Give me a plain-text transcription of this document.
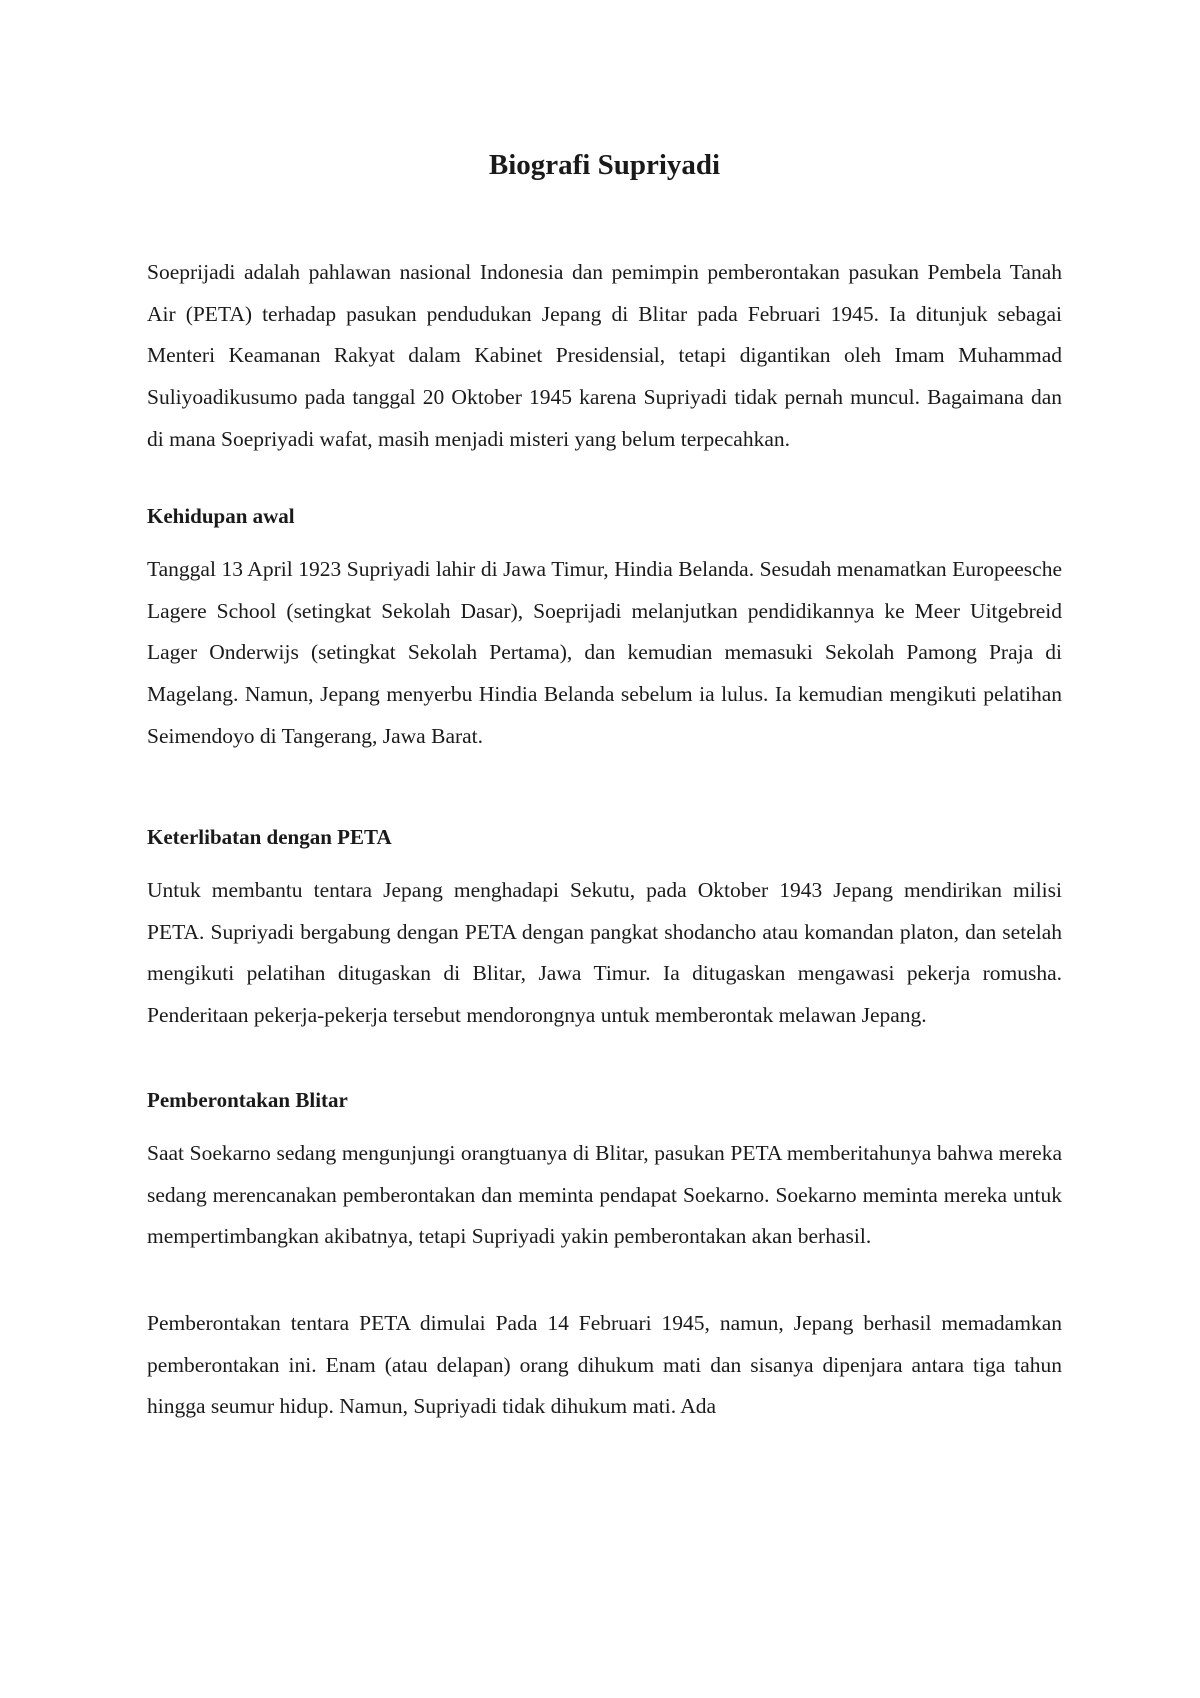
Biografi Supriyadi

Soeprijadi adalah pahlawan nasional Indonesia dan pemimpin pemberontakan pasukan Pembela Tanah Air (PETA) terhadap pasukan pendudukan Jepang di Blitar pada Februari 1945. Ia ditunjuk sebagai Menteri Keamanan Rakyat dalam Kabinet Presidensial, tetapi digantikan oleh Imam Muhammad Suliyoadikusumo pada tanggal 20 Oktober 1945 karena Supriyadi tidak pernah muncul. Bagaimana dan di mana Soepriyadi wafat, masih menjadi misteri yang belum terpecahkan.

Kehidupan awal

Tanggal 13 April 1923 Supriyadi lahir di Jawa Timur, Hindia Belanda. Sesudah menamatkan Europeesche Lagere School (setingkat Sekolah Dasar), Soeprijadi melanjutkan pendidikannya ke Meer Uitgebreid Lager Onderwijs (setingkat Sekolah Pertama), dan kemudian memasuki Sekolah Pamong Praja di Magelang. Namun, Jepang menyerbu Hindia Belanda sebelum ia lulus. Ia kemudian mengikuti pelatihan Seimendoyo di Tangerang, Jawa Barat.

Keterlibatan dengan PETA

Untuk membantu tentara Jepang menghadapi Sekutu, pada Oktober 1943 Jepang mendirikan milisi PETA. Supriyadi bergabung dengan PETA dengan pangkat shodancho atau komandan platon, dan setelah mengikuti pelatihan ditugaskan di Blitar, Jawa Timur. Ia ditugaskan mengawasi pekerja romusha. Penderitaan pekerja-pekerja tersebut mendorongnya untuk memberontak melawan Jepang.

Pemberontakan Blitar

Saat Soekarno sedang mengunjungi orangtuanya di Blitar, pasukan PETA memberitahunya bahwa mereka sedang merencanakan pemberontakan dan meminta pendapat Soekarno. Soekarno meminta mereka untuk mempertimbangkan akibatnya, tetapi Supriyadi yakin pemberontakan akan berhasil.

Pemberontakan tentara PETA dimulai Pada 14 Februari 1945, namun, Jepang berhasil memadamkan pemberontakan ini. Enam (atau delapan) orang dihukum mati dan sisanya dipenjara antara tiga tahun hingga seumur hidup. Namun, Supriyadi tidak dihukum mati. Ada
